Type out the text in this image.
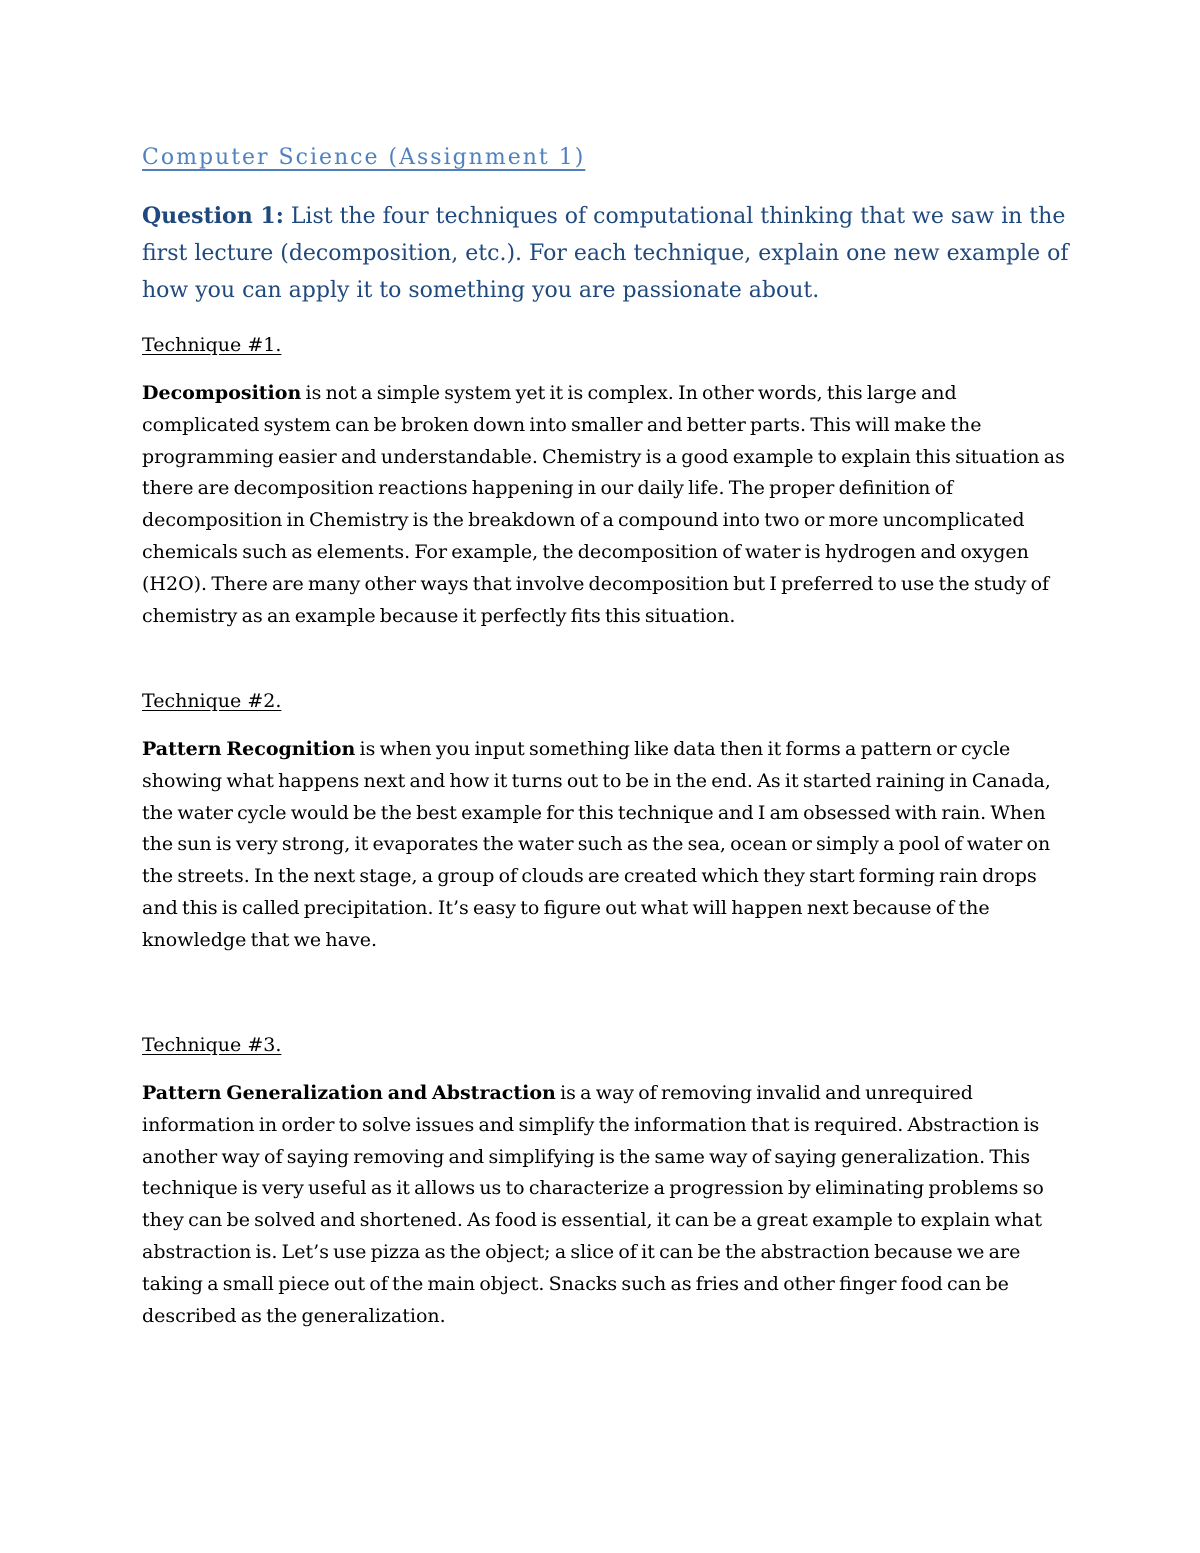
Computer Science (Assignment 1)

Question 1: List the four techniques of computational thinking that we saw in the first lecture (decomposition, etc.). For each technique, explain one new example of how you can apply it to something you are passionate about.

Technique #1.

Decomposition is not a simple system yet it is complex. In other words, this large and complicated system can be broken down into smaller and better parts. This will make the programming easier and understandable. Chemistry is a good example to explain this situation as there are decomposition reactions happening in our daily life. The proper definition of decomposition in Chemistry is the breakdown of a compound into two or more uncomplicated chemicals such as elements. For example, the decomposition of water is hydrogen and oxygen (H2O). There are many other ways that involve decomposition but I preferred to use the study of chemistry as an example because it perfectly fits this situation.

Technique #2.

Pattern Recognition is when you input something like data then it forms a pattern or cycle showing what happens next and how it turns out to be in the end. As it started raining in Canada, the water cycle would be the best example for this technique and I am obsessed with rain. When the sun is very strong, it evaporates the water such as the sea, ocean or simply a pool of water on the streets. In the next stage, a group of clouds are created which they start forming rain drops and this is called precipitation. It’s easy to figure out what will happen next because of the knowledge that we have.

Technique #3.

Pattern Generalization and Abstraction is a way of removing invalid and unrequired information in order to solve issues and simplify the information that is required. Abstraction is another way of saying removing and simplifying is the same way of saying generalization. This technique is very useful as it allows us to characterize a progression by eliminating problems so they can be solved and shortened. As food is essential, it can be a great example to explain what abstraction is. Let’s use pizza as the object; a slice of it can be the abstraction because we are taking a small piece out of the main object. Snacks such as fries and other finger food can be described as the generalization.
